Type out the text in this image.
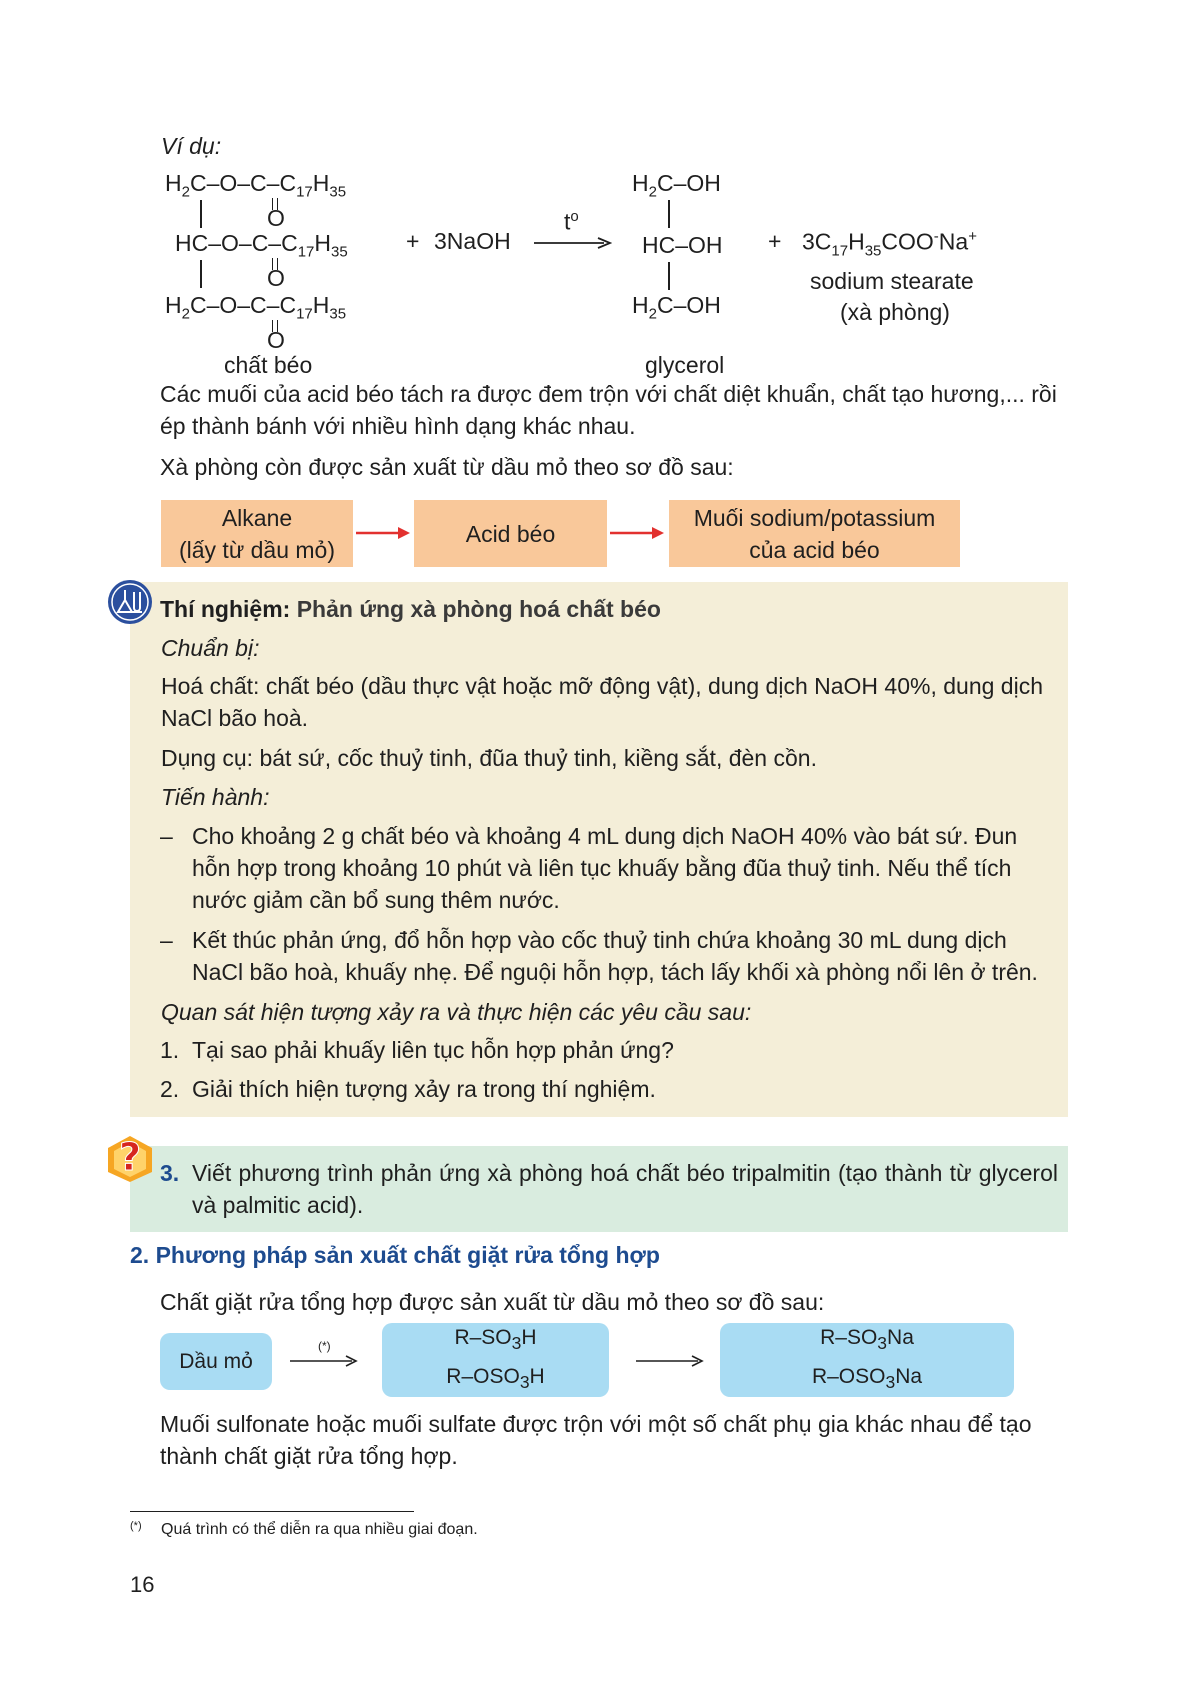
Ví dụ:
$H_2C-O-C-C_{17}H_{35}$
O
$HC-O-C-C_{17}H_{35}$
O
$H_2C-O-C-C_{17}H_{35}$
O
chất béo
+ 3NaOH
$t^o$
$H_2C-OH$
HC–OH
$H_2C-OH$
glycerol
+ $3C_{17}H_{35}COO^-Na^+$
sodium stearate
(xà phòng)
Các muối của acid béo tách ra được đem trộn với chất diệt khuẩn, chất tạo hương,... rồi ép thành bánh với nhiều hình dạng khác nhau.
Xà phòng còn được sản xuất từ dầu mỏ theo sơ đồ sau:
Alkane
(lấy từ dầu mỏ)
Acid béo
Muối sodium/potassium
của acid béo
Thí nghiệm: Phản ứng xà phòng hoá chất béo
Chuẩn bị:
Hoá chất: chất béo (dầu thực vật hoặc mỡ động vật), dung dịch NaOH 40%, dung dịch NaCl bão hoà.
Dụng cụ: bát sứ, cốc thuỷ tinh, đũa thuỷ tinh, kiềng sắt, đèn cồn.
Tiến hành:
– Cho khoảng 2 g chất béo và khoảng 4 mL dung dịch NaOH 40% vào bát sứ. Đun hỗn hợp trong khoảng 10 phút và liên tục khuấy bằng đũa thuỷ tinh. Nếu thể tích nước giảm cần bổ sung thêm nước.
– Kết thúc phản ứng, đổ hỗn hợp vào cốc thuỷ tinh chứa khoảng 30 mL dung dịch NaCl bão hoà, khuấy nhẹ. Để nguội hỗn hợp, tách lấy khối xà phòng nổi lên ở trên.
Quan sát hiện tượng xảy ra và thực hiện các yêu cầu sau:
1. Tại sao phải khuấy liên tục hỗn hợp phản ứng?
2. Giải thích hiện tượng xảy ra trong thí nghiệm.
? 3. Viết phương trình phản ứng xà phòng hoá chất béo tripalmitin (tạo thành từ glycerol và palmitic acid).
2. Phương pháp sản xuất chất giặt rửa tổng hợp
Chất giặt rửa tổng hợp được sản xuất từ dầu mỏ theo sơ đồ sau:
Dầu mỏ
(*)	$R-SO_3H$
$R-OSO_3H$
$R-SO_3Na$
$R-OSO_3Na$
Muối sulfonate hoặc muối sulfate được trộn với một số chất phụ gia khác nhau để tạo thành chất giặt rửa tổng hợp.
(*) Quá trình có thể diễn ra qua nhiều giai đoạn.
16
